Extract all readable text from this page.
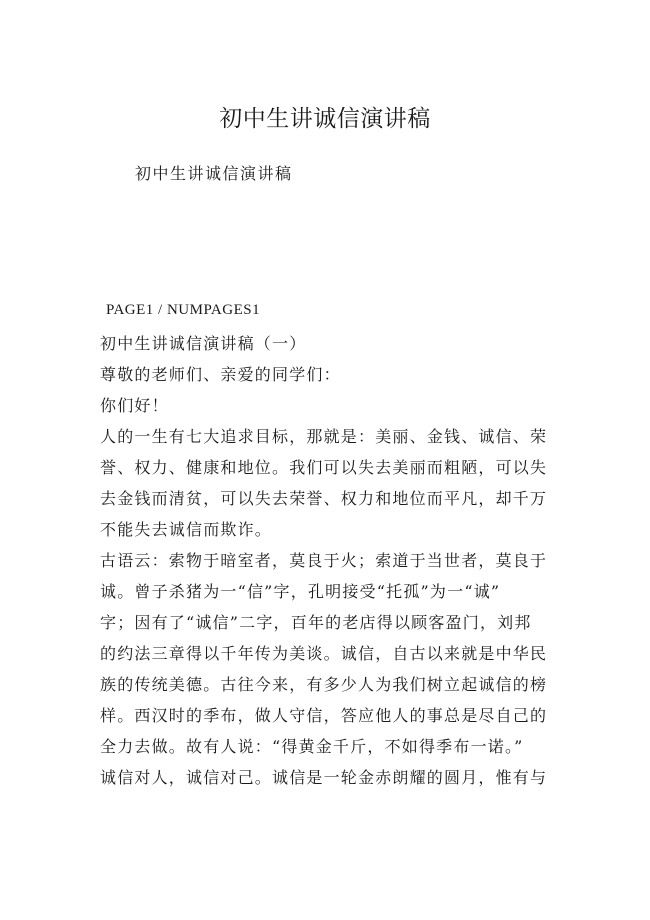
初中生讲诚信演讲稿
初中生讲诚信演讲稿
PAGE1 / NUMPAGES1
初中生讲诚信演讲稿（一）
尊敬的老师们、亲爱的同学们：
你们好！
人的一生有七大追求目标，那就是：美丽、金钱、诚信、荣
誉、权力、健康和地位。我们可以失去美丽而粗陋，可以失
去金钱而清贫，可以失去荣誉、权力和地位而平凡，却千万
不能失去诚信而欺诈。
古语云：索物于暗室者，莫良于火；索道于当世者，莫良于
诚。曾子杀猪为一“信”字，孔明接受“托孤”为一“诚”
字；因有了“诚信”二字，百年的老店得以顾客盈门，刘邦
的约法三章得以千年传为美谈。诚信，自古以来就是中华民
族的传统美德。古往今来，有多少人为我们树立起诚信的榜
样。西汉时的季布，做人守信，答应他人的事总是尽自己的
全力去做。故有人说：“得黄金千斤，不如得季布一诺。”
诚信对人，诚信对己。诚信是一轮金赤朗耀的圆月，惟有与
